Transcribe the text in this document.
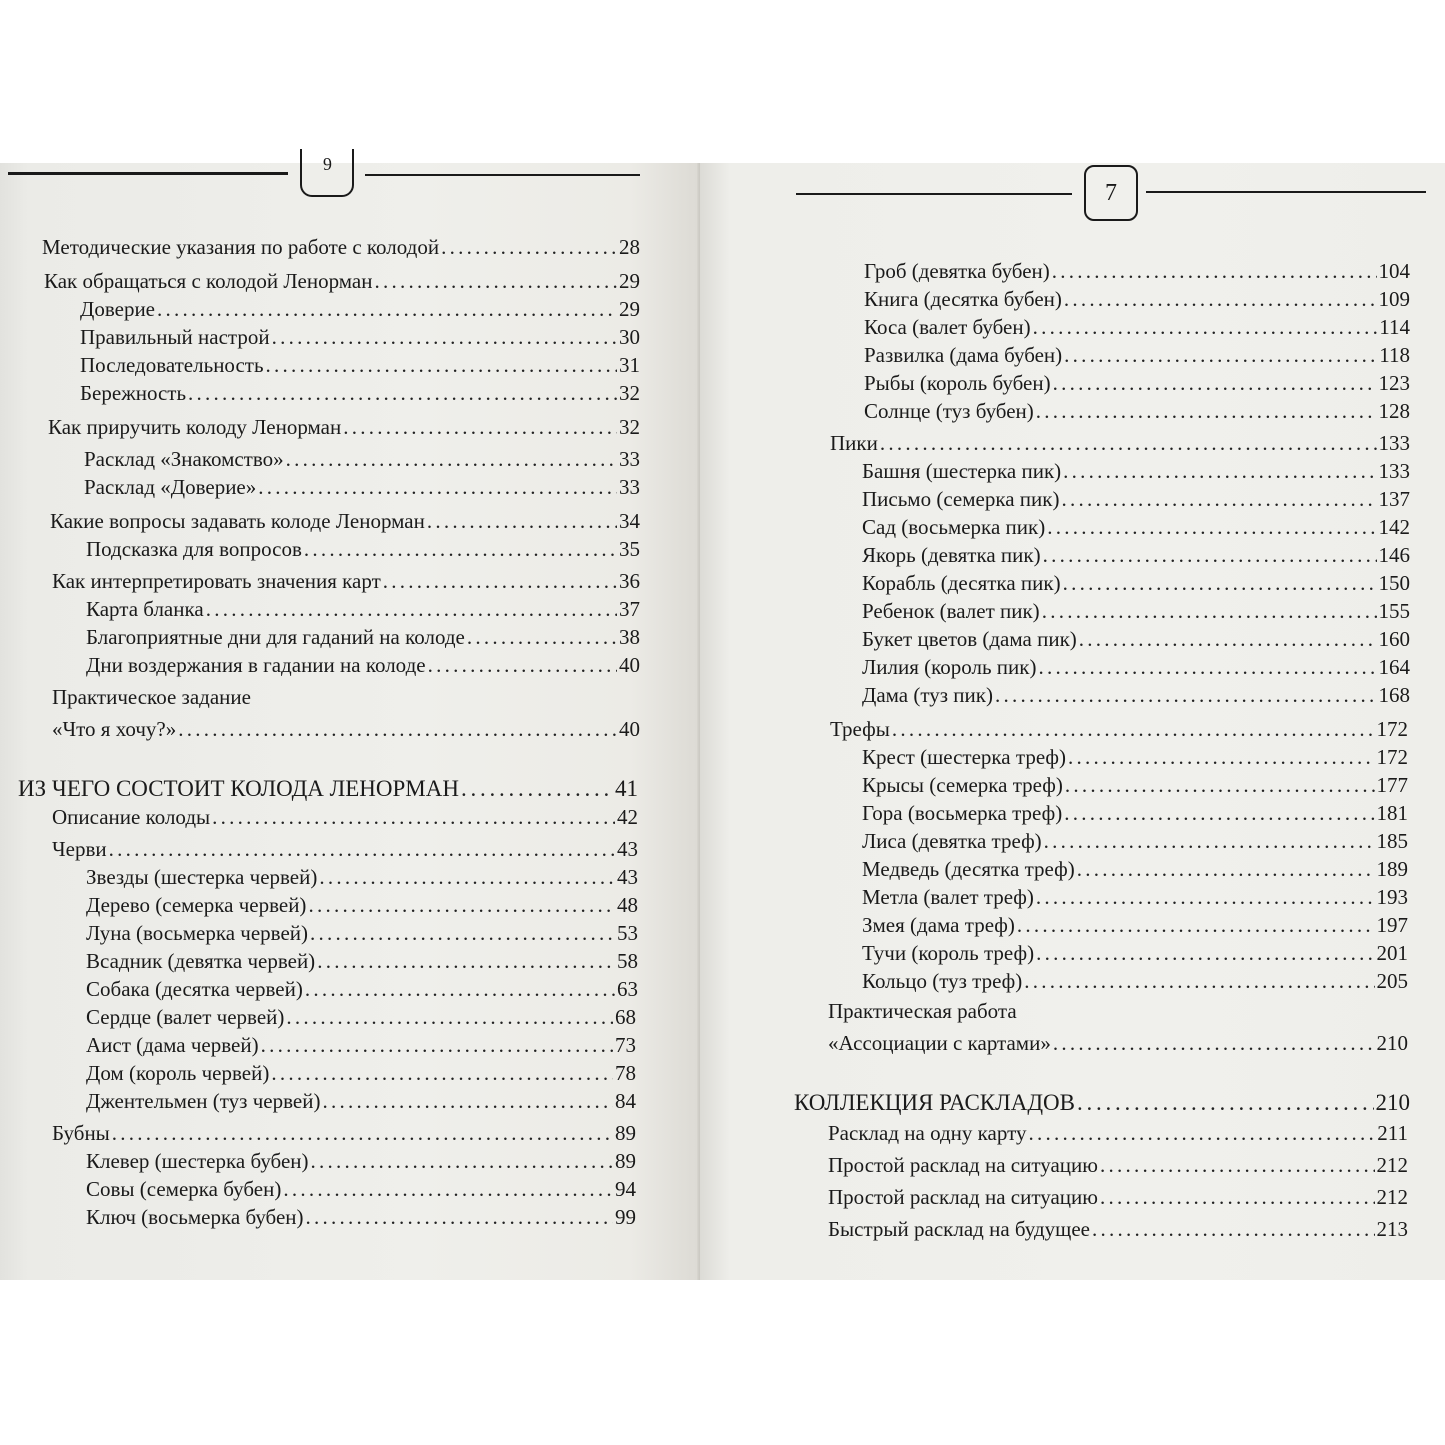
6
Методические указания по работе с колодой . . .	28
Как обращаться с колодой Ленорман . . .	29
Доверие . . .	29
Правильный настрой . . .	30
Последовательность . . .	31
Бережность . . .	32
Как приручить колоду Ленорман . . .	32
Расклад «Знакомство» . . .	33
Расклад «Доверие» . . .	33
Какие вопросы задавать колоде Ленорман . . .	34
Подсказка для вопросов . . .	35
Как интерпретировать значения карт . . .	36
Карта бланка . . .	37
Благоприятные дни для гаданий на колоде . . .	38
Дни воздержания в гадании на колоде . . .	40
Практическое задание
«Что я хочу?» . . .	40
ИЗ ЧЕГО СОСТОИТ КОЛОДА ЛЕНОРМАН . . .	41
Описание колоды . . .	42
Черви . . .	43
Звезды (шестерка червей) . . .	43
Дерево (семерка червей) . . .	48
Луна (восьмерка червей) . . .	53
Всадник (девятка червей) . . .	58
Собака (десятка червей) . . .	63
Сердце (валет червей) . . .	68
Аист (дама червей) . . .	73
Дом (король червей) . . .	78
Джентельмен (туз червей) . . .	84
Бубны . . .	89
Клевер (шестерка бубен) . . .	89
Совы (семерка бубен) . . .	94
Ключ (восьмерка бубен) . . .	99
7
Гроб (девятка бубен) . . .	104
Книга (десятка бубен) . . .	109
Коса (валет бубен) . . .	114
Развилка (дама бубен) . . .	118
Рыбы (король бубен) . . .	123
Солнце (туз бубен) . . .	128
Пики . . .	133
Башня (шестерка пик) . . .	133
Письмо (семерка пик) . . .	137
Сад (восьмерка пик) . . .	142
Якорь (девятка пик) . . .	146
Корабль (десятка пик) . . .	150
Ребенок (валет пик) . . .	155
Букет цветов (дама пик) . . .	160
Лилия (король пик) . . .	164
Дама (туз пик) . . .	168
Трефы . . .	172
Крест (шестерка треф) . . .	172
Крысы (семерка треф) . . .	177
Гора (восьмерка треф) . . .	181
Лиса (девятка треф) . . .	185
Медведь (десятка треф) . . .	189
Метла (валет треф) . . .	193
Змея (дама треф) . . .	197
Тучи (король треф) . . .	201
Кольцо (туз треф) . . .	205
Практическая работа
«Ассоциации с картами» . . .	210
КОЛЛЕКЦИЯ РАСКЛАДОВ . . .	210
Расклад на одну карту . . .	211
Простой расклад на ситуацию . . .	212
Простой расклад на ситуацию . . .	212
Быстрый расклад на будущее . . .	213
